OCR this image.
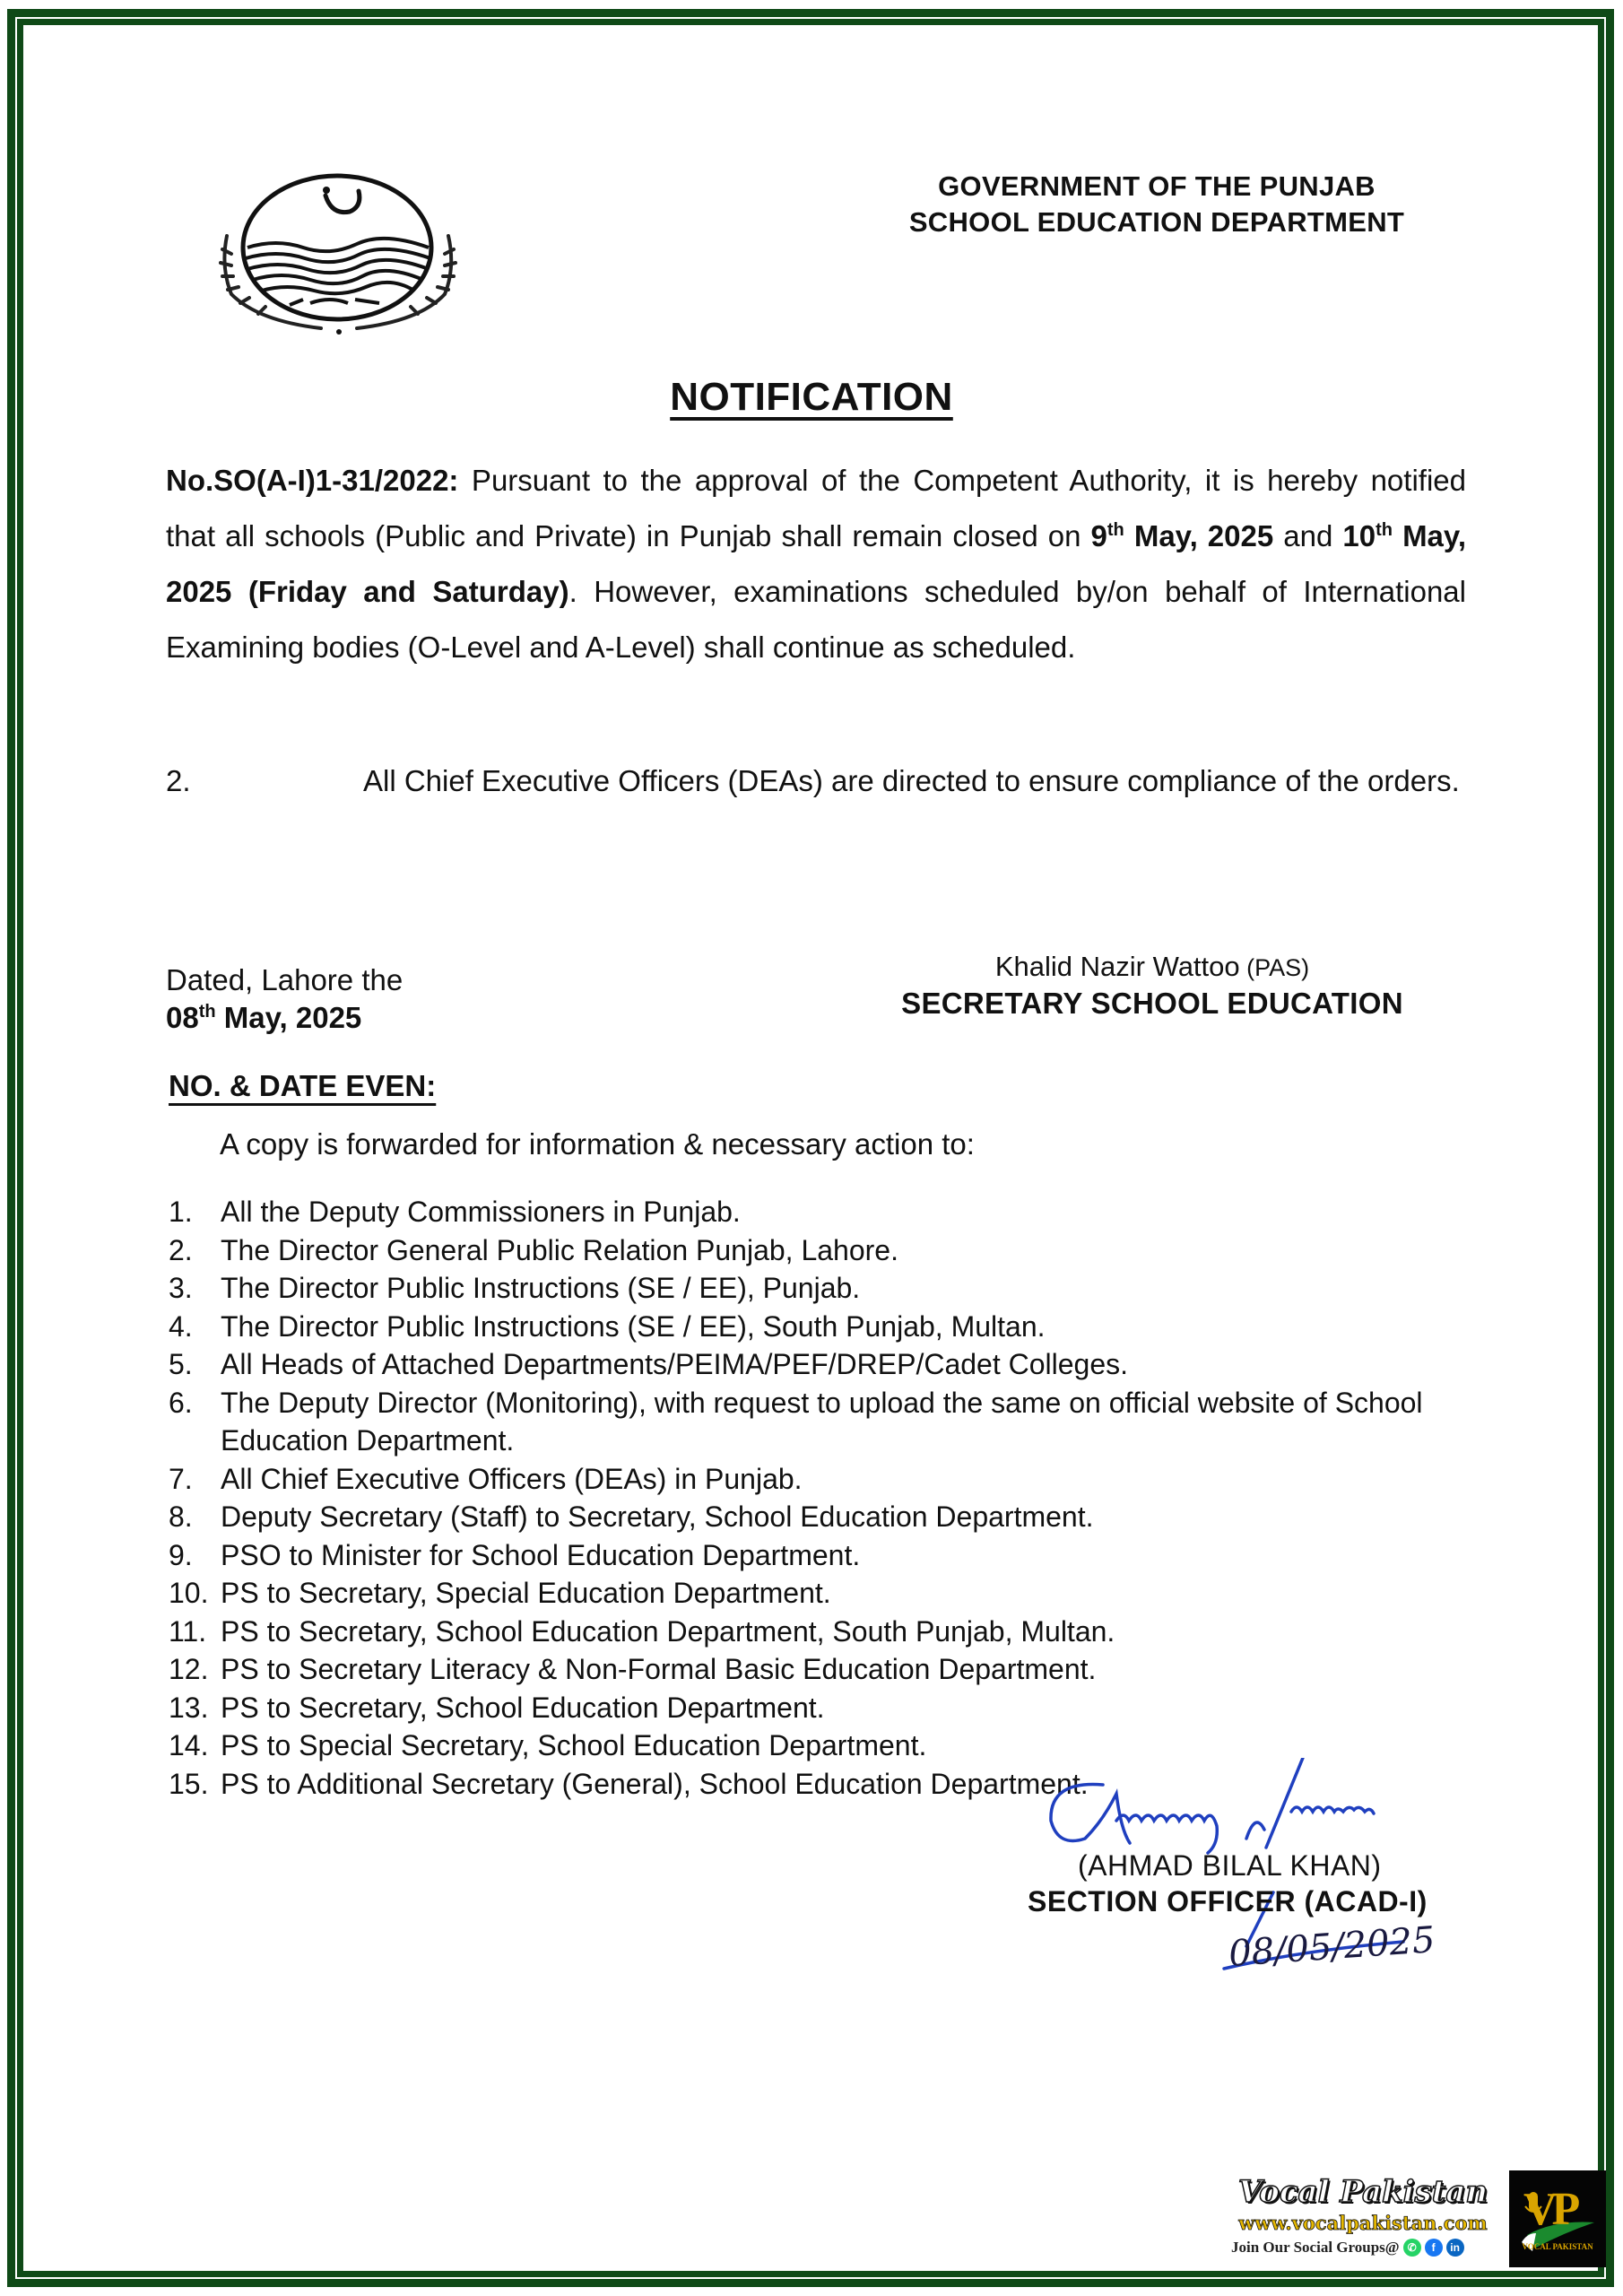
GOVERNMENT OF THE PUNJAB
SCHOOL EDUCATION DEPARTMENT
NOTIFICATION
No.SO(A-I)1-31/2022: Pursuant to the approval of the Competent Authority, it is hereby notified that all schools (Public and Private) in Punjab shall remain closed on 9th May, 2025 and 10th May, 2025 (Friday and Saturday). However, examinations scheduled by/on behalf of International Examining bodies (O-Level and A-Level) shall continue as scheduled.
2.	All Chief Executive Officers (DEAs) are directed to ensure compliance of the orders.
Dated, Lahore the
08th May, 2025
Khalid Nazir Wattoo (PAS)
SECRETARY SCHOOL EDUCATION
NO. & DATE EVEN:
A copy is forwarded for information & necessary action to:
1. All the Deputy Commissioners in Punjab.
2. The Director General Public Relation Punjab, Lahore.
3. The Director Public Instructions (SE / EE), Punjab.
4. The Director Public Instructions (SE / EE), South Punjab, Multan.
5. All Heads of Attached Departments/PEIMA/PEF/DREP/Cadet Colleges.
6. The Deputy Director (Monitoring), with request to upload the same on official website of School Education Department.
7. All Chief Executive Officers (DEAs) in Punjab.
8. Deputy Secretary (Staff) to Secretary, School Education Department.
9. PSO to Minister for School Education Department.
10. PS to Secretary, Special Education Department.
11. PS to Secretary, School Education Department, South Punjab, Multan.
12. PS to Secretary Literacy & Non-Formal Basic Education Department.
13. PS to Secretary, School Education Department.
14. PS to Special Secretary, School Education Department.
15. PS to Additional Secretary (General), School Education Department.
(AHMAD BILAL KHAN)
SECTION OFFICER (ACAD-I)
08/05/2025
Vocal Pakistan
www.vocalpakistan.com
Join Our Social Groups@ ✆	f	in
VP
VOCAL PAKISTAN
